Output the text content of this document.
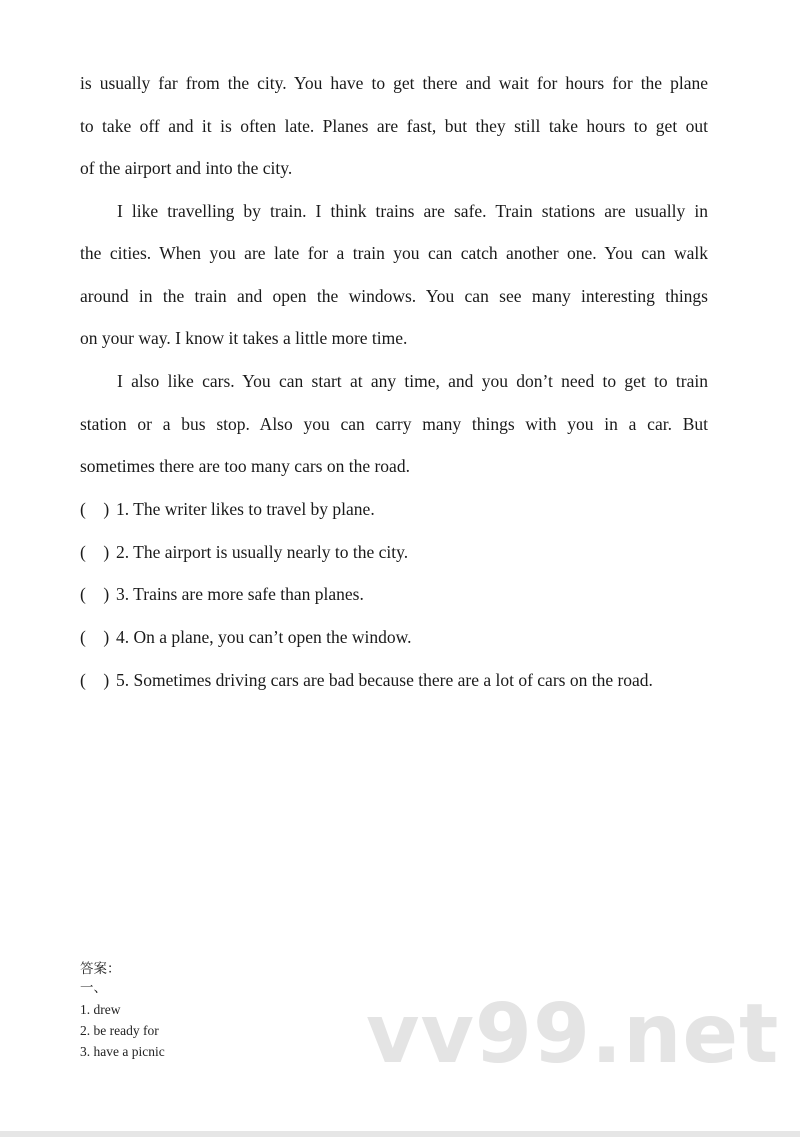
is usually far from the city. You have to get there and wait for hours for the plane
to take off and it is often late. Planes are fast, but they still take hours to get out
of the airport and into the city.
I like travelling by train. I think trains are safe. Train stations are usually in
the cities. When you are late for a train you can catch another one. You can walk
around in the train and open the windows. You can see many interesting things
on your way. I know it takes a little more time.
I also like cars. You can start at any time, and you don’t need to get to train
station or a bus stop. Also you can carry many things with you in a car. But
sometimes there are too many cars on the road.
(    ) 1. The writer likes to travel by plane.
(    ) 2. The airport is usually nearly to the city.
(    ) 3. Trains are more safe than planes.
(    ) 4. On a plane, you can’t open the window.
(    ) 5. Sometimes driving cars are bad because there are a lot of cars on the road.
答案：
一、
1. drew
2. be ready for
3. have a picnic vv99.net
